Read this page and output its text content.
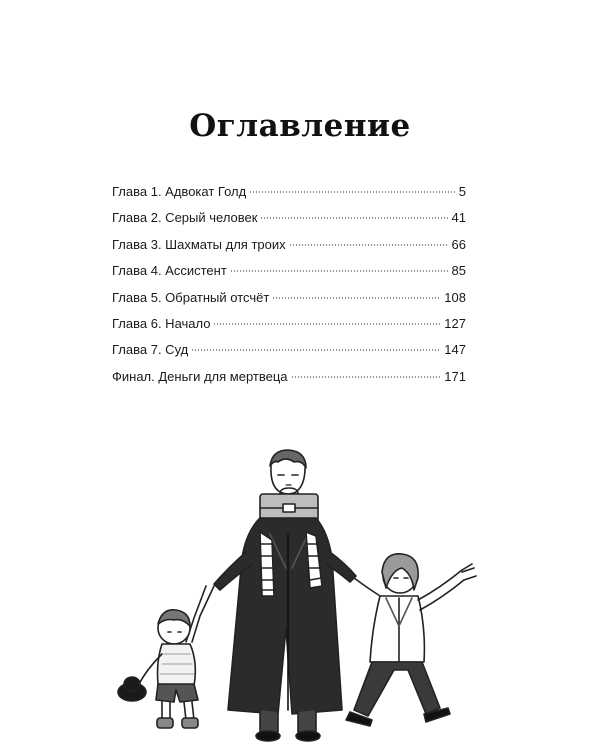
Оглавление
Глава 1. Адвокат Голд	5
Глава 2. Серый человек	41
Глава 3. Шахматы для троих	66
Глава 4. Ассистент	85
Глава 5. Обратный отсчёт	108
Глава 6. Начало	127
Глава 7. Суд	147
Финал. Деньги для мертвеца	171
